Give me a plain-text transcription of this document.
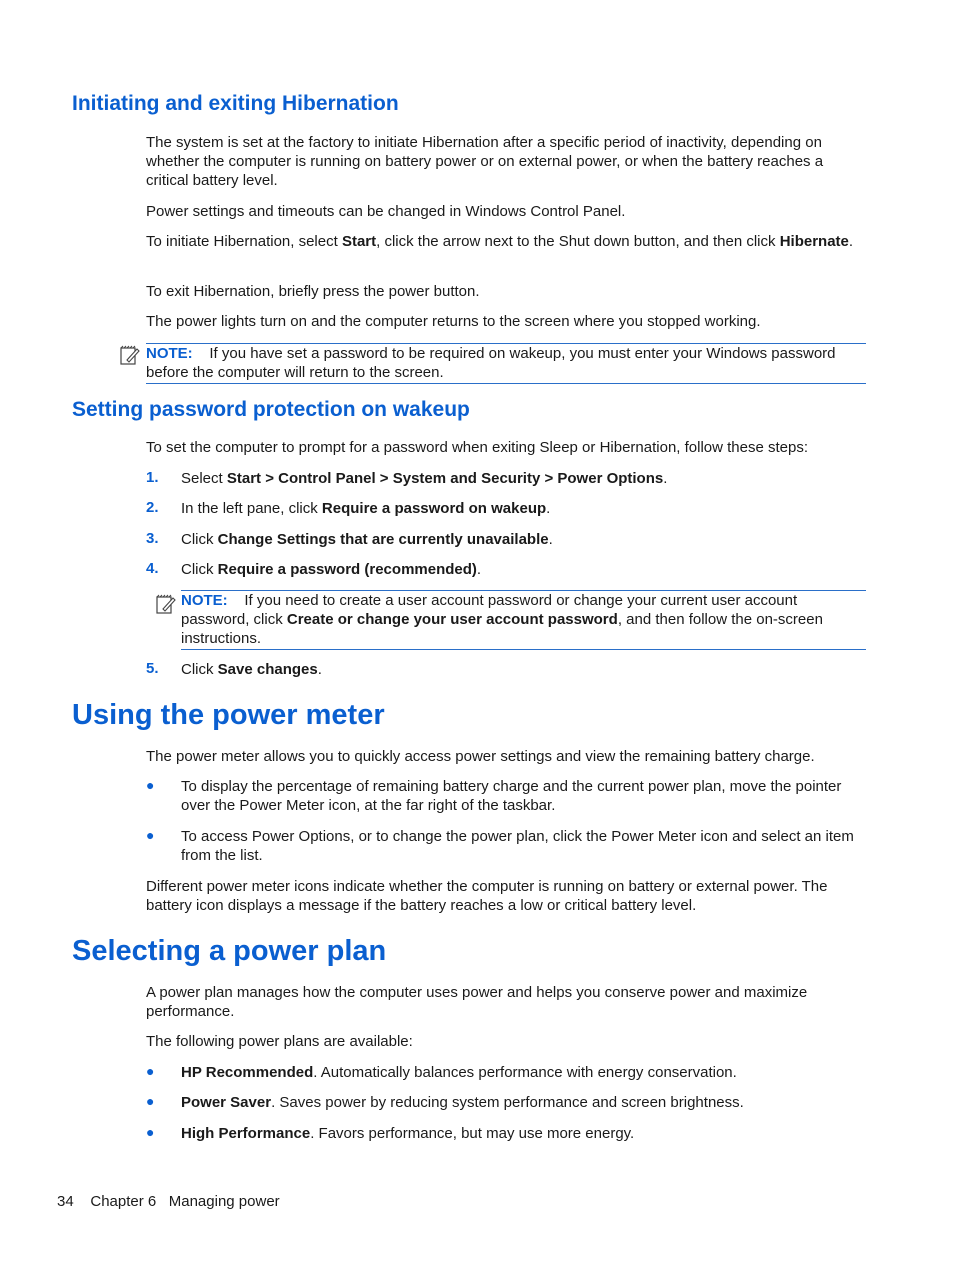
Initiating and exiting Hibernation
The system is set at the factory to initiate Hibernation after a specific period of inactivity, depending on whether the computer is running on battery power or on external power, or when the battery reaches a critical battery level.
Power settings and timeouts can be changed in Windows Control Panel.
To initiate Hibernation, select Start, click the arrow next to the Shut down button, and then click Hibernate.
To exit Hibernation, briefly press the power button.
The power lights turn on and the computer returns to the screen where you stopped working.
NOTE: If you have set a password to be required on wakeup, you must enter your Windows password before the computer will return to the screen.
Setting password protection on wakeup
To set the computer to prompt for a password when exiting Sleep or Hibernation, follow these steps:
1. Select Start > Control Panel > System and Security > Power Options.
2. In the left pane, click Require a password on wakeup.
3. Click Change Settings that are currently unavailable.
4. Click Require a password (recommended).
NOTE: If you need to create a user account password or change your current user account password, click Create or change your user account password, and then follow the on-screen instructions.
5. Click Save changes.
Using the power meter
The power meter allows you to quickly access power settings and view the remaining battery charge.
● To display the percentage of remaining battery charge and the current power plan, move the pointer over the Power Meter icon, at the far right of the taskbar.
● To access Power Options, or to change the power plan, click the Power Meter icon and select an item from the list.
Different power meter icons indicate whether the computer is running on battery or external power. The battery icon displays a message if the battery reaches a low or critical battery level.
Selecting a power plan
A power plan manages how the computer uses power and helps you conserve power and maximize performance.
The following power plans are available:
● HP Recommended. Automatically balances performance with energy conservation.
● Power Saver. Saves power by reducing system performance and screen brightness.
● High Performance. Favors performance, but may use more energy.
34 Chapter 6 Managing power
